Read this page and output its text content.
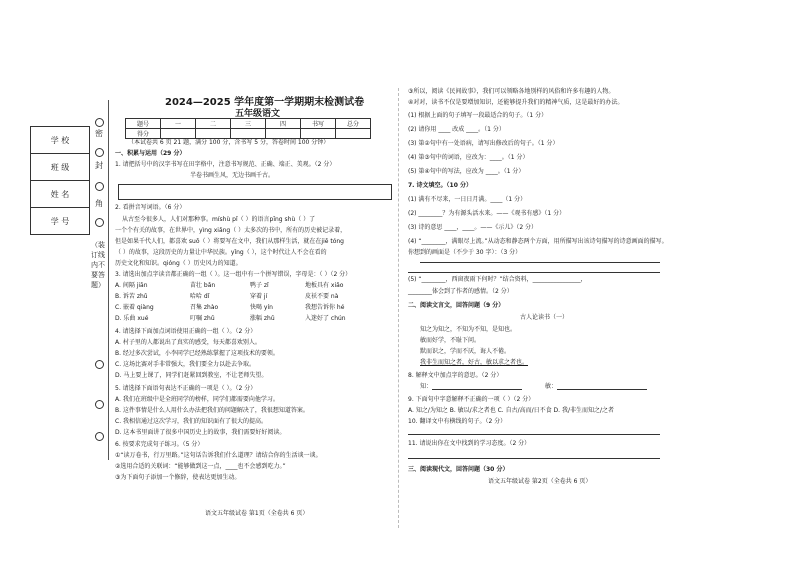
学 校
班 级
姓 名
学 号
密
封
角
（装订线内不要答题）
2024—2025 学年度第一学期期末检测试卷
五年级语文
题号	一	二	三	四	书写	总分
得分						
（本试卷共 6 页 21 题，满分 100 分，含书写 5 分，答卷时间 100 分钟）
一、积累与运用（29 分）
1. 请把括号中的汉字书写在田字格中，注意书写规范、正确、端正、美观。（2 分）
半卷书画生风，无边书画千古。
2. 看拼音写词语。（6 分）
从古至今很多人，人们对那种事。míshù pǐ（ ）的语言pīng shù（ ）了
一个个有关的故事，在世界中，yìng xiǎng（ ）太多次的书中，所有的历史被记录着，
但是如果千代人们，都喜欢 suō（ ）将要写在文中，我们从那样生活，就在在jiē tóng
（ ）的故事，这段历史的力量让中华民族。yǐng（ ），这个时代让人不会在看的
历史文化和知识。qióng（ ）历史风力的知道。
3. 请选出加点字读音都正确的一组（ ）。这一组中有一个拼写错误，字母是：（ ）（2 分）
A. 间隔 jiān	苗壮 bǎn	鸭子 zǐ	地板具有 xiǎo
B. 诉苦 zhǔ	哈哈 dǐ	穿着 jí	皮袄不要 nà
C. 嵌着 qiàng	召集 zhào	快喝 yín	我想告诉你 hé
D. 乐曲 xué	叮嘱 zhǔ	涨幅 zhǔ	入迷好了 chún
4. 请选择下面加点词语使用正确的一组（ ）。（2 分）
A. 村子里的人都说出了真实的感受，每天都喜欢别人。
B. 经过多次尝试，小李同学已经熟练掌握了这项技术的要领。
C. 这场比赛对手非常强大，我们要全力以赴去争取。
D. 马上要上课了，同学们赶紧回到教室，不让老师失望。
5. 请选择下面语句表达不正确的一项是（ ）。（2 分）
A. 我们在班级中是全班同学的榜样，同学们都需要向他学习。
B. 这件事情是什么人用什么办法把我们的问题解决了，我很想知道答案。
C. 我相信通过这次学习，我们的知识面有了很大的提高。
D. 这本书里面讲了很多中国历史上的故事，我们需要好好阅读。
6. 按要求完成句子练习。（5 分）
①“读万卷书，行万里路。”这句话告诉我们什么道理？请结合你的生活谈一谈。
②选用合适的关联词：“能够做到这一点，____也不会感到吃力。”
③为下面句子添加一个修辞，使表达更加生动。
语文五年级试卷 第1页（全卷共 6 页）
③所以，阅读《民间故事》，我们可以领略各地别样的风俗和许多有趣的人物。
④对对，读书不仅是要增加知识，还能够提升我们的精神气质，这是最好的办法。
(1) 根据上面的句子填写一段最适合的句子。（1 分）
(2) 请你用 ____ 改成 ____。（1 分）
(3) 第②句中有一处语病，请写出修改后的句子。（1 分）
(4) 第③句中的词语，应改为：____。（1 分）
(5) 第④句中的写法，应改为 ____。（1 分）
7. 诗文填空。（10 分）
(1) 满有不尽来，一日日月满。____（1 分）
(2) ________？为有源头活水来。——《观书有感》（1 分）
(3) 诗的意思 ____，____。——《示儿》（2 分）
(4) “________，满眼尽上流。”从动态和静态两个方面，用所描写出该诗句描写的诗意画面的描写。
你想到的画面是（不少于 30 字）：（3 分）
(5) “________，西窗夜雨下何时？”结合资料，________________，
________体会到了作者的感情。（2 分）
二、阅读文言文，回答问题（9 分）
古人论读书（一）
知之为知之，不知为不知，是知也。
敏而好学，不耻下问。
默而识之，学而不厌，诲人不倦。
我非生而知之者，好古，敏以求之者也。
8. 解释文中加点字的意思。（2 分）
知：	敏：
9. 下面句中字意解释不正确的一项（ ）（2 分）
A. 知之/为知之 B. 敏以/求之者也 C. 自古/高而/日不食 D. 我/非生而知之/之者
10. 翻译文中有横线的句子。（2 分）
11. 请说出你在文中找到的学习态度。（2 分）
三、阅读现代文，回答问题（30 分）
语文五年级试卷 第2页（全卷共 6 页）
